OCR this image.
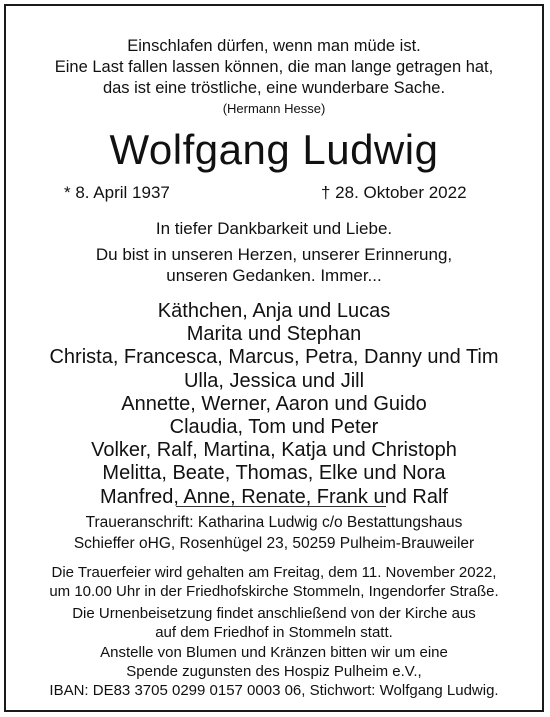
Einschlafen dürfen, wenn man müde ist.
Eine Last fallen lassen können, die man lange getragen hat,
das ist eine tröstliche, eine wunderbare Sache.
(Hermann Hesse)
Wolfgang Ludwig
* 8. April 1937	† 28. Oktober 2022
In tiefer Dankbarkeit und Liebe.
Du bist in unseren Herzen, unserer Erinnerung,
unseren Gedanken. Immer...
Käthchen, Anja und Lucas
Marita und Stephan
Christa, Francesca, Marcus, Petra, Danny und Tim
Ulla, Jessica und Jill
Annette, Werner, Aaron und Guido
Claudia, Tom und Peter
Volker, Ralf, Martina, Katja und Christoph
Melitta, Beate, Thomas, Elke und Nora
Manfred, Anne, Renate, Frank und Ralf
Traueranschrift: Katharina Ludwig c/o Bestattungshaus
Schieffer oHG, Rosenhügel 23, 50259 Pulheim-Brauweiler
Die Trauerfeier wird gehalten am Freitag, dem 11. November 2022,
um 10.00 Uhr in der Friedhofskirche Stommeln, Ingendorfer Straße.
Die Urnenbeisetzung findet anschließend von der Kirche aus
auf dem Friedhof in Stommeln statt.
Anstelle von Blumen und Kränzen bitten wir um eine
Spende zugunsten des Hospiz Pulheim e.V.,
IBAN: DE83 3705 0299 0157 0003 06, Stichwort: Wolfgang Ludwig.
